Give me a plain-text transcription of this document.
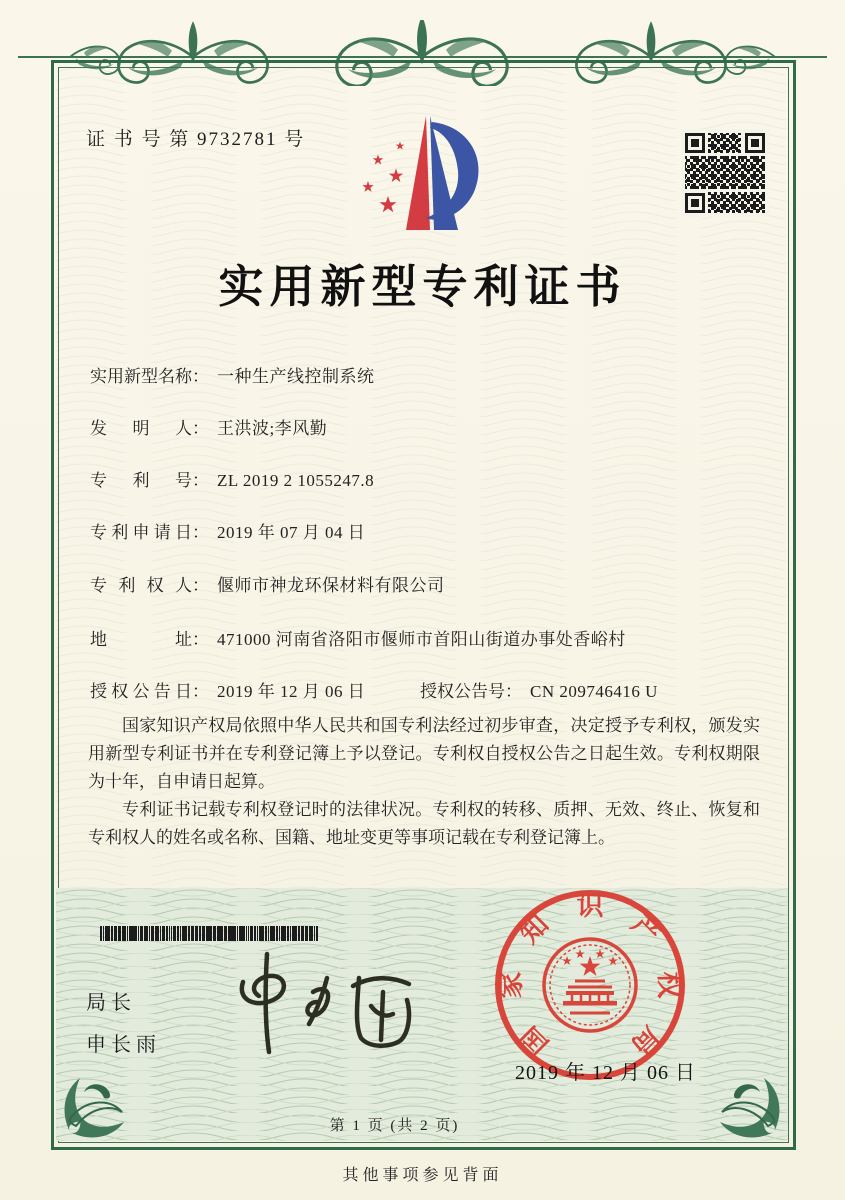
证 书 号 第 9732781 号
实用新型专利证书
实用新型名称： 一种生产线控制系统
发明人： 王洪波;李风勤
专利号： ZL 2019 2 1055247.8
专利申请日： 2019 年 07 月 04 日
专利权人： 偃师市神龙环保材料有限公司
地址： 471000 河南省洛阳市偃师市首阳山街道办事处香峪村
授权公告日： 2019 年 12 月 06 日	授权公告号： CN 209746416 U

国家知识产权局依照中华人民共和国专利法经过初步审查，决定授予专利权，颁发实用新型专利证书并在专利登记簿上予以登记。专利权自授权公告之日起生效。专利权期限为十年，自申请日起算。

专利证书记载专利权登记时的法律状况。专利权的转移、质押、无效、终止、恢复和专利权人的姓名或名称、国籍、地址变更等事项记载在专利登记簿上。

局长
申长雨	国
家
知
识
产
权
局
2019 年 12 月 06 日
第 1 页 (共 2 页)
其他事项参见背面
